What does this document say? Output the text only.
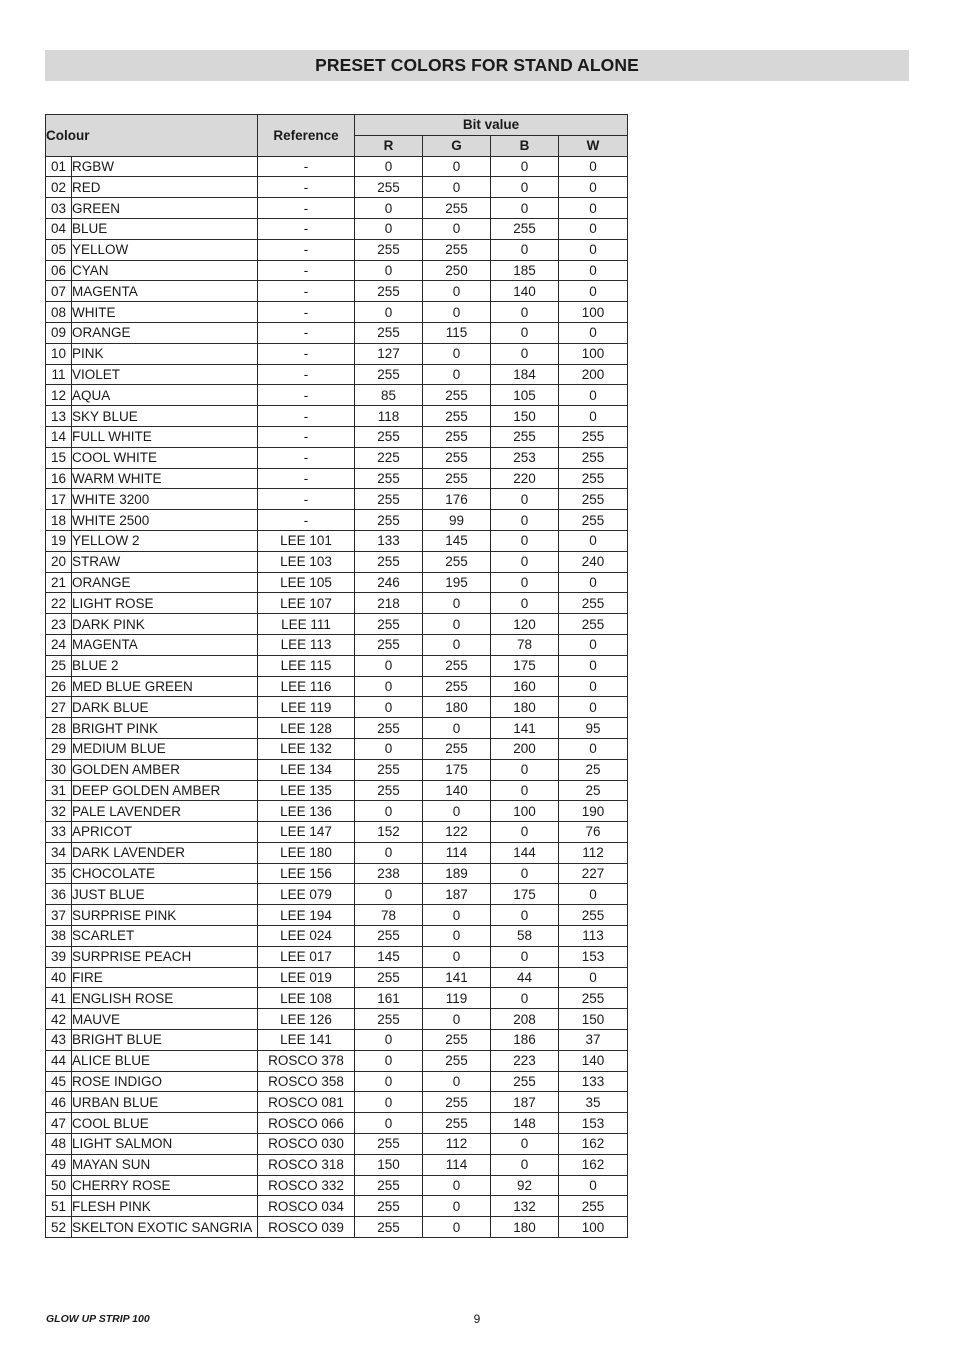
PRESET COLORS FOR STAND ALONE
Colour		Reference	Bit value			
			R	G	B	W
01	RGBW	-	0	0	0	0
02	RED	-	255	0	0	0
03	GREEN	-	0	255	0	0
04	BLUE	-	0	0	255	0
05	YELLOW	-	255	255	0	0
06	CYAN	-	0	250	185	0
07	MAGENTA	-	255	0	140	0
08	WHITE	-	0	0	0	100
09	ORANGE	-	255	115	0	0
10	PINK	-	127	0	0	100
11	VIOLET	-	255	0	184	200
12	AQUA	-	85	255	105	0
13	SKY BLUE	-	118	255	150	0
14	FULL WHITE	-	255	255	255	255
15	COOL WHITE	-	225	255	253	255
16	WARM WHITE	-	255	255	220	255
17	WHITE 3200	-	255	176	0	255
18	WHITE 2500	-	255	99	0	255
19	YELLOW 2	LEE 101	133	145	0	0
20	STRAW	LEE 103	255	255	0	240
21	ORANGE	LEE 105	246	195	0	0
22	LIGHT ROSE	LEE 107	218	0	0	255
23	DARK PINK	LEE 111	255	0	120	255
24	MAGENTA	LEE 113	255	0	78	0
25	BLUE 2	LEE 115	0	255	175	0
26	MED BLUE GREEN	LEE 116	0	255	160	0
27	DARK BLUE	LEE 119	0	180	180	0
28	BRIGHT PINK	LEE 128	255	0	141	95
29	MEDIUM BLUE	LEE 132	0	255	200	0
30	GOLDEN AMBER	LEE 134	255	175	0	25
31	DEEP GOLDEN AMBER	LEE 135	255	140	0	25
32	PALE LAVENDER	LEE 136	0	0	100	190
33	APRICOT	LEE 147	152	122	0	76
34	DARK LAVENDER	LEE 180	0	114	144	112
35	CHOCOLATE	LEE 156	238	189	0	227
36	JUST BLUE	LEE 079	0	187	175	0
37	SURPRISE PINK	LEE 194	78	0	0	255
38	SCARLET	LEE 024	255	0	58	113
39	SURPRISE PEACH	LEE 017	145	0	0	153
40	FIRE	LEE 019	255	141	44	0
41	ENGLISH ROSE	LEE 108	161	119	0	255
42	MAUVE	LEE 126	255	0	208	150
43	BRIGHT BLUE	LEE 141	0	255	186	37
44	ALICE BLUE	ROSCO 378	0	255	223	140
45	ROSE INDIGO	ROSCO 358	0	0	255	133
46	URBAN BLUE	ROSCO 081	0	255	187	35
47	COOL BLUE	ROSCO 066	0	255	148	153
48	LIGHT SALMON	ROSCO 030	255	112	0	162
49	MAYAN SUN	ROSCO 318	150	114	0	162
50	CHERRY ROSE	ROSCO 332	255	0	92	0
51	FLESH PINK	ROSCO 034	255	0	132	255
52	SKELTON EXOTIC SANGRIA	ROSCO 039	255	0	180	100
GLOW UP STRIP 100	9
